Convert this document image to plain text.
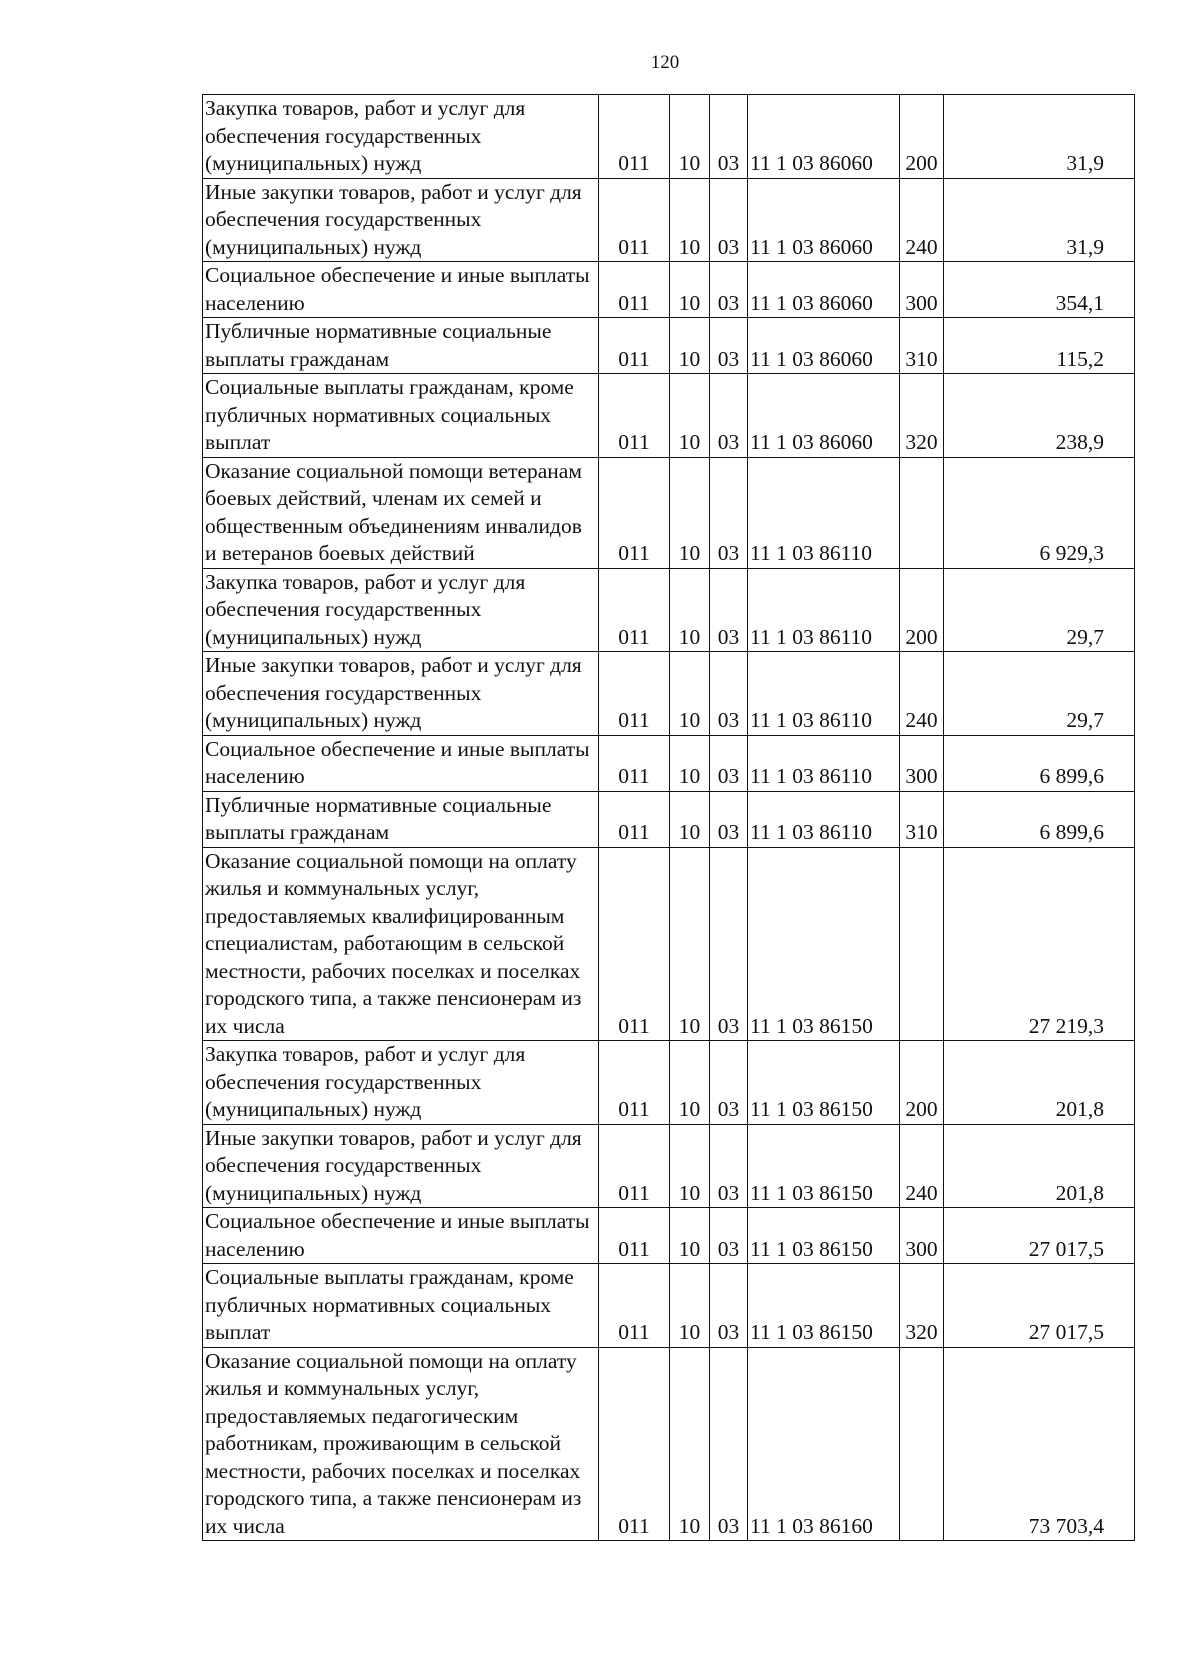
120
Закупка товаров, работ и услуг для обеспечения государственных (муниципальных) нужд	011	10	03	11 1 03 86060	200	31,9
Иные закупки товаров, работ и услуг для обеспечения государственных (муниципальных) нужд	011	10	03	11 1 03 86060	240	31,9
Социальное обеспечение и иные выплаты населению	011	10	03	11 1 03 86060	300	354,1
Публичные нормативные социальные выплаты гражданам	011	10	03	11 1 03 86060	310	115,2
Социальные выплаты гражданам, кроме публичных нормативных социальных выплат	011	10	03	11 1 03 86060	320	238,9
Оказание социальной помощи ветеранам боевых действий, членам их семей и общественным объединениям инвалидов и ветеранов боевых действий	011	10	03	11 1 03 86110		6 929,3
Закупка товаров, работ и услуг для обеспечения государственных (муниципальных) нужд	011	10	03	11 1 03 86110	200	29,7
Иные закупки товаров, работ и услуг для обеспечения государственных (муниципальных) нужд	011	10	03	11 1 03 86110	240	29,7
Социальное обеспечение и иные выплаты населению	011	10	03	11 1 03 86110	300	6 899,6
Публичные нормативные социальные выплаты гражданам	011	10	03	11 1 03 86110	310	6 899,6
Оказание социальной помощи на оплату жилья и коммунальных услуг, предоставляемых квалифицированным специалистам, работающим в сельской местности, рабочих поселках и поселках городского типа, а также пенсионерам из их числа	011	10	03	11 1 03 86150		27 219,3
Закупка товаров, работ и услуг для обеспечения государственных (муниципальных) нужд	011	10	03	11 1 03 86150	200	201,8
Иные закупки товаров, работ и услуг для обеспечения государственных (муниципальных) нужд	011	10	03	11 1 03 86150	240	201,8
Социальное обеспечение и иные выплаты населению	011	10	03	11 1 03 86150	300	27 017,5
Социальные выплаты гражданам, кроме публичных нормативных социальных выплат	011	10	03	11 1 03 86150	320	27 017,5
Оказание социальной помощи на оплату жилья и коммунальных услуг, предоставляемых педагогическим работникам, проживающим в сельской местности, рабочих поселках и поселках городского типа, а также пенсионерам из их числа	011	10	03	11 1 03 86160		73 703,4
